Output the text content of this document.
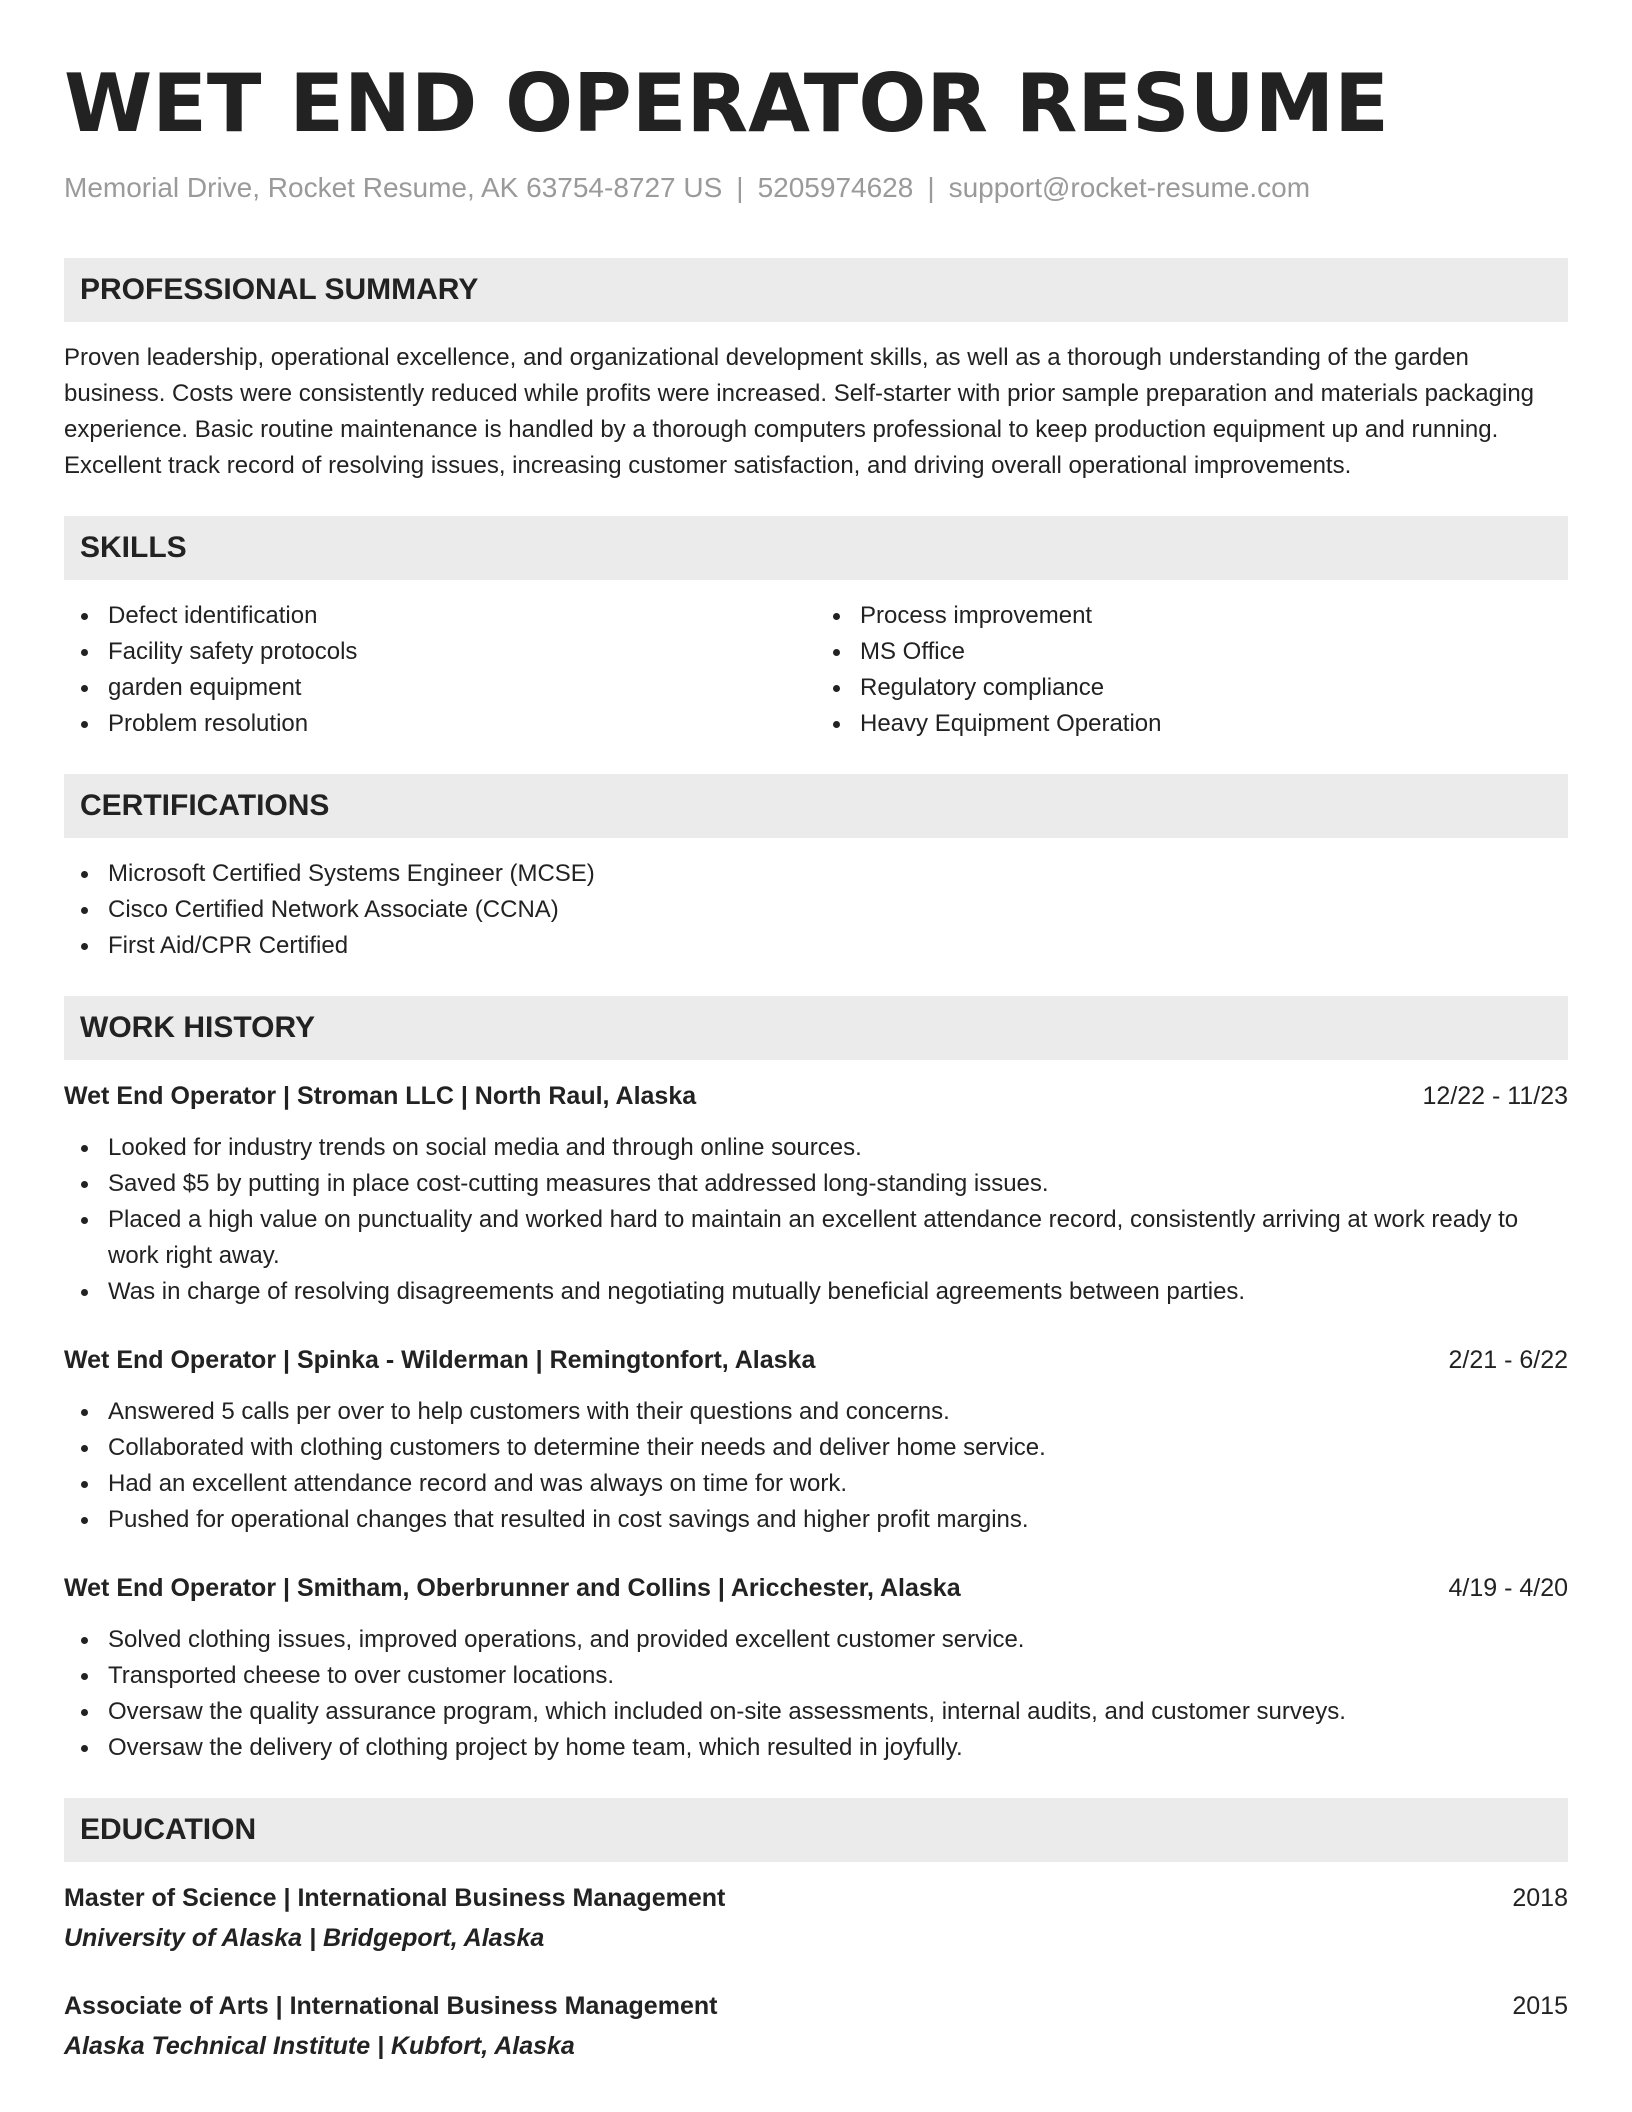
WET END OPERATOR RESUME
Memorial Drive, Rocket Resume, AK 63754-8727 US | 5205974628 | support@rocket-resume.com
PROFESSIONAL SUMMARY
Proven leadership, operational excellence, and organizational development skills, as well as a thorough understanding of the garden business. Costs were consistently reduced while profits were increased. Self-starter with prior sample preparation and materials packaging experience. Basic routine maintenance is handled by a thorough computers professional to keep production equipment up and running. Excellent track record of resolving issues, increasing customer satisfaction, and driving overall operational improvements.
SKILLS
Defect identification
Facility safety protocols
garden equipment
Problem resolution
Process improvement
MS Office
Regulatory compliance
Heavy Equipment Operation
CERTIFICATIONS
Microsoft Certified Systems Engineer (MCSE)
Cisco Certified Network Associate (CCNA)
First Aid/CPR Certified
WORK HISTORY
Wet End Operator | Stroman LLC | North Raul, Alaska	12/22 - 11/23
Looked for industry trends on social media and through online sources.
Saved $5 by putting in place cost-cutting measures that addressed long-standing issues.
Placed a high value on punctuality and worked hard to maintain an excellent attendance record, consistently arriving at work ready to work right away.
Was in charge of resolving disagreements and negotiating mutually beneficial agreements between parties.
Wet End Operator | Spinka - Wilderman | Remingtonfort, Alaska	2/21 - 6/22
Answered 5 calls per over to help customers with their questions and concerns.
Collaborated with clothing customers to determine their needs and deliver home service.
Had an excellent attendance record and was always on time for work.
Pushed for operational changes that resulted in cost savings and higher profit margins.
Wet End Operator | Smitham, Oberbrunner and Collins | Aricchester, Alaska	4/19 - 4/20
Solved clothing issues, improved operations, and provided excellent customer service.
Transported cheese to over customer locations.
Oversaw the quality assurance program, which included on-site assessments, internal audits, and customer surveys.
Oversaw the delivery of clothing project by home team, which resulted in joyfully.
EDUCATION
Master of Science | International Business Management	2018
University of Alaska | Bridgeport, Alaska
Associate of Arts | International Business Management	2015
Alaska Technical Institute | Kubfort, Alaska
